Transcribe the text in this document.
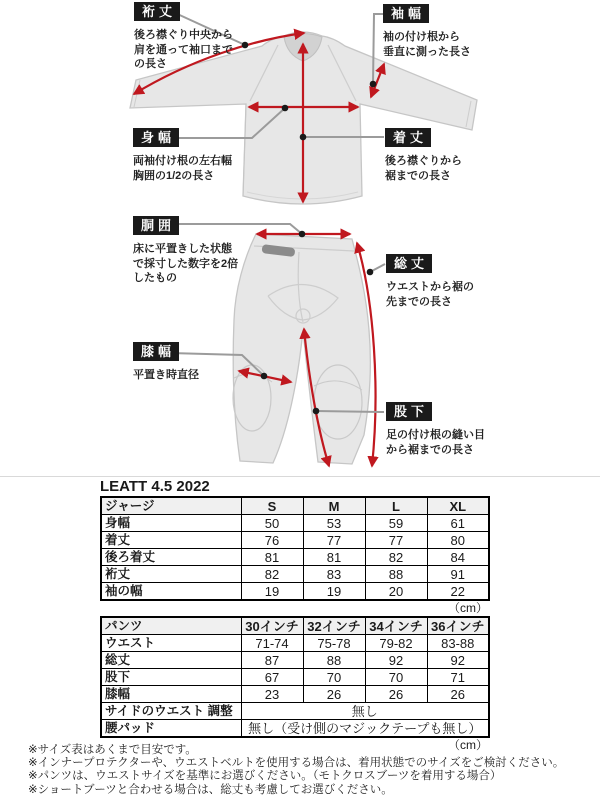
裄丈
後ろ襟ぐり中央から
肩を通って袖口まで
の長さ
袖幅
袖の付け根から
垂直に測った長さ
身幅
両袖付け根の左右幅
胸囲の1/2の長さ
着丈
後ろ襟ぐりから
裾までの長さ
胴囲
床に平置きした状態
で採寸した数字を2倍
したもの
総丈
ウエストから裾の
先までの長さ
膝幅
平置き時直径
股下
足の付け根の縫い目
から裾までの長さ
LEATT 4.5 2022
ジャージ	S	M	L	XL
身幅	50	53	59	61
着丈	76	77	77	80
後ろ着丈	81	81	82	84
裄丈	82	83	88	91
袖の幅	19	19	20	22
（cm）
パンツ	30インチ	32インチ	34インチ	36インチ
ウエスト	71-74	75-78	79-82	83-88
総丈	87	88	92	92
股下	67	70	70	71
膝幅	23	26	26	26
サイドのウエスト 調整	無し			
腰パッド	無し（受け側のマジックテープも無し）			
（cm）
※サイズ表はあくまで目安です。
※インナープロテクターや、ウエストベルトを使用する場合は、着用状態でのサイズをご検討ください。
※パンツは、ウエストサイズを基準にお選びください。（モトクロスブーツを着用する場合）
※ショートブーツと合わせる場合は、総丈も考慮してお選びください。
